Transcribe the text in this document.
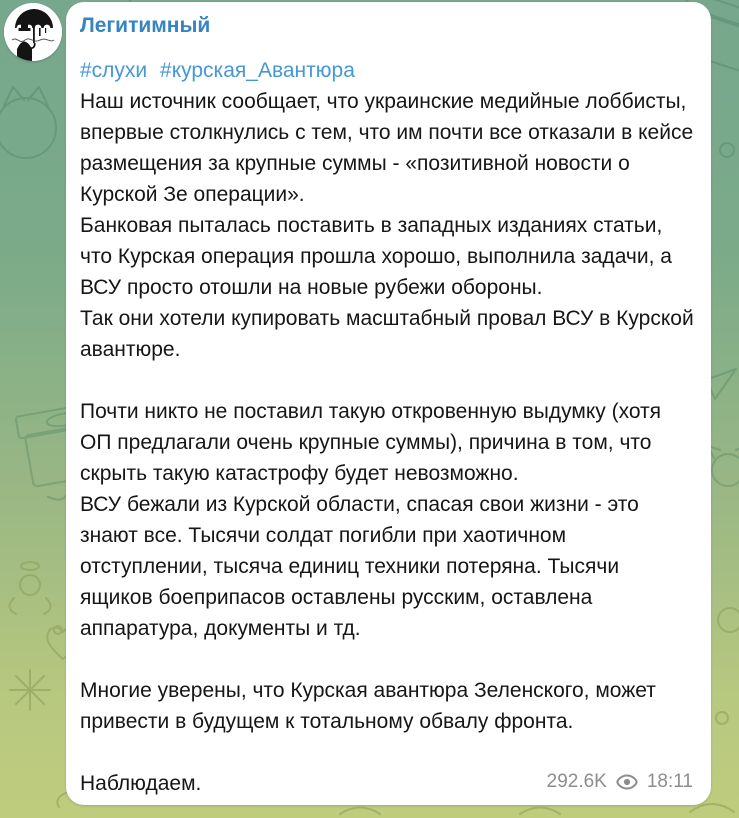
Легитимный

#слухи #курская_Авантюра

Наш источник сообщает, что украинские медийные лоббисты, впервые столкнулись с тем, что им почти все отказали в кейсе размещения за крупные суммы - «позитивной новости о Курской Зе операции».

Банковая пыталась поставить в западных изданиях статьи, что Курская операция прошла хорошо, выполнила задачи, а ВСУ просто отошли на новые рубежи обороны.

Так они хотели купировать масштабный провал ВСУ в Курской авантюре.

Почти никто не поставил такую откровенную выдумку (хотя ОП предлагали очень крупные суммы), причина в том, что скрыть такую катастрофу будет невозможно.

ВСУ бежали из Курской области, спасая свои жизни - это знают все. Тысячи солдат погибли при хаотичном отступлении, тысяча единиц техники потеряна. Тысячи ящиков боеприпасов оставлены русским, оставлена аппаратура, документы и тд.

Многие уверены, что Курская авантюра Зеленского, может привести в будущем к тотальному обвалу фронта.

Наблюдаем.	292.6K 18:11
